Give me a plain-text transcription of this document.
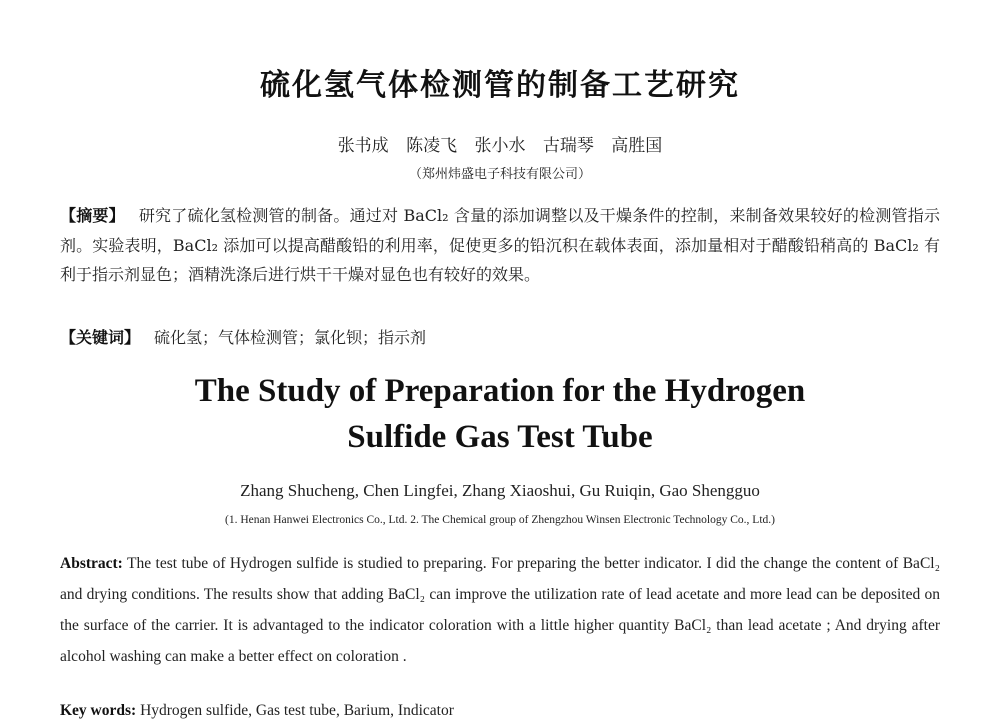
硫化氢气体检测管的制备工艺研究
张书成 陈凌飞 张小水 古瑞琴 高胜国
（郑州炜盛电子科技有限公司）
【摘要】 研究了硫化氢检测管的制备。通过对 BaCl₂ 含量的添加调整以及干燥条件的控制，来制备效果较好的检测管指示剂。实验表明，BaCl₂ 添加可以提高醋酸铅的利用率，促使更多的铅沉积在载体表面，添加量相对于醋酸铅稍高的 BaCl₂ 有利于指示剂显色；酒精洗涤后进行烘干干燥对显色也有较好的效果。
【关键词】 硫化氢；气体检测管；氯化钡；指示剂
The Study of Preparation for the Hydrogen
Sulfide Gas Test Tube
Zhang Shucheng, Chen Lingfei, Zhang Xiaoshui, Gu Ruiqin, Gao Shengguo
(1. Henan Hanwei Electronics Co., Ltd. 2. The Chemical group of Zhengzhou Winsen Electronic Technology Co., Ltd.)
Abstract: The test tube of Hydrogen sulfide is studied to preparing. For preparing the better indicator. I did the change the content of BaCl₂ and drying conditions. The results show that adding BaCl₂ can improve the utilization rate of lead acetate and more lead can be deposited on the surface of the carrier. It is advantaged to the indicator coloration with a little higher quantity BaCl₂ than lead acetate ; And drying after alcohol washing can make a better effect on coloration .
Key words: Hydrogen sulfide, Gas test tube, Barium, Indicator
